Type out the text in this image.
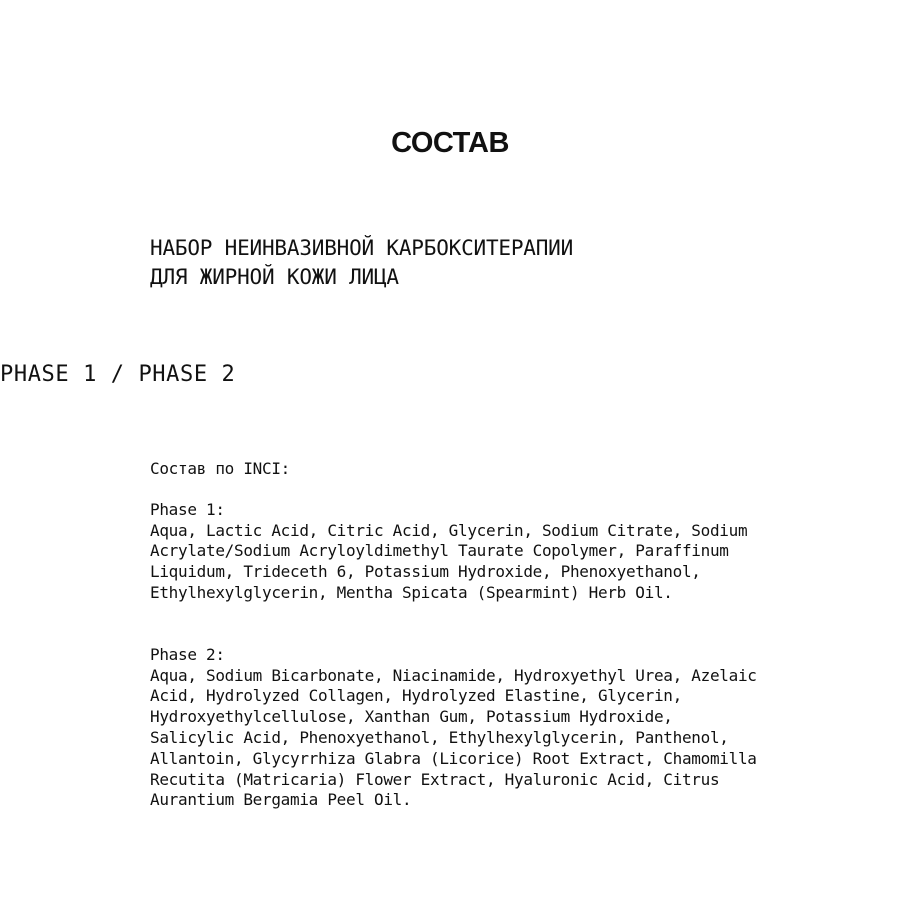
СОСТАВ
НАБОР НЕИНВАЗИВНОЙ КАРБОКСИТЕРАПИИ
ДЛЯ ЖИРНОЙ КОЖИ ЛИЦА
PHASE 1 / PHASE 2
Состав по INCI:
Phase 1:
Aqua, Lactic Acid, Citric Acid, Glycerin, Sodium Citrate, Sodium
Acrylate/Sodium Acryloyldimethyl Taurate Copolymer, Paraffinum
Liquidum, Trideceth 6, Potassium Hydroxide, Phenoxyethanol,
Ethylhexylglycerin, Mentha Spicata (Spearmint) Herb Oil.
Phase 2:
Aqua, Sodium Bicarbonate, Niacinamide, Hydroxyethyl Urea, Azelaic
Acid, Hydrolyzed Collagen, Hydrolyzed Elastine, Glycerin,
Hydroxyethylcellulose, Xanthan Gum, Potassium Hydroxide,
Salicylic Acid, Phenoxyethanol, Ethylhexylglycerin, Panthenol,
Allantoin, Glycyrrhiza Glabra (Licorice) Root Extract, Chamomilla
Recutita (Matricaria) Flower Extract, Hyaluronic Acid, Citrus
Aurantium Bergamia Peel Oil.
